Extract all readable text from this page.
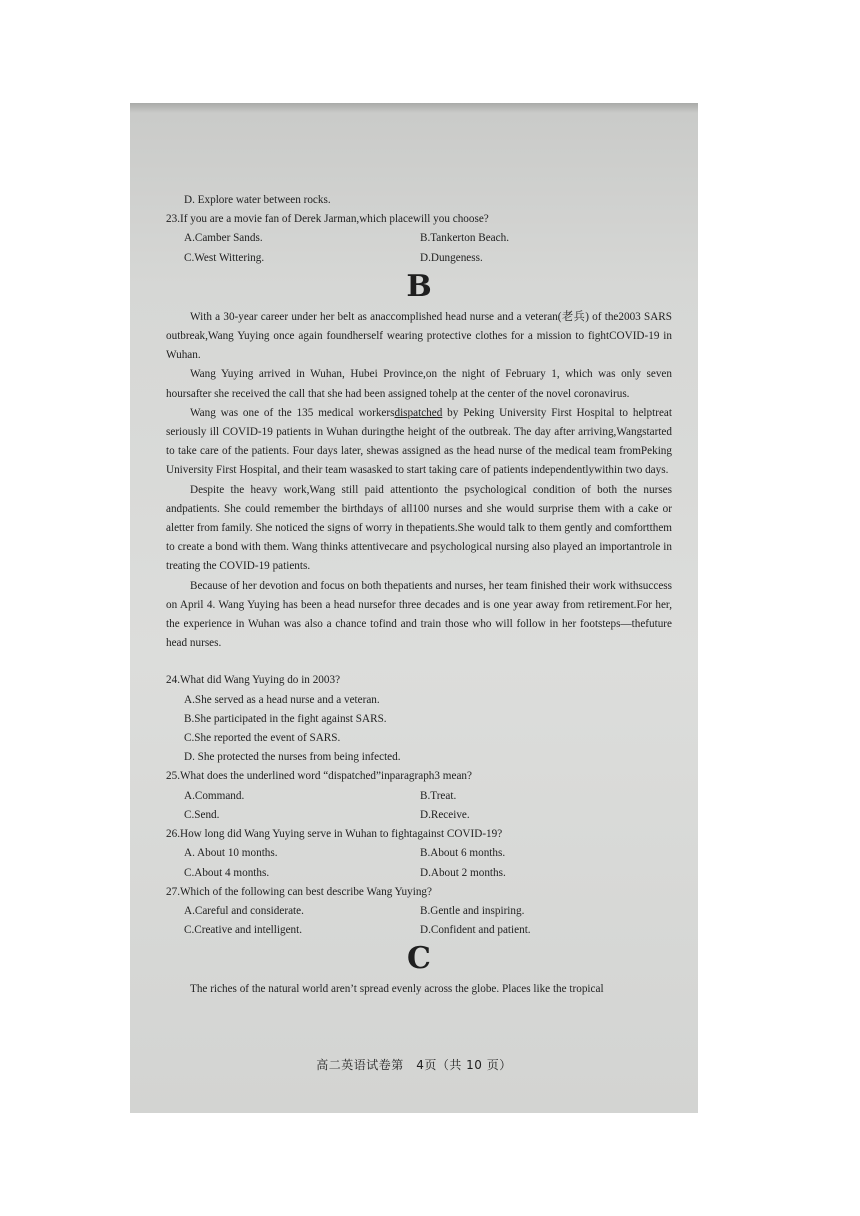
D. Explore water between rocks.
23.If you are a movie fan of Derek Jarman,which placewill you choose?
A.Camber Sands.	B.Tankerton Beach.
C.West Wittering.	D.Dungeness.
B

With a 30-year career under her belt as anaccomplished head nurse and a veteran(老兵) of the2003 SARS outbreak,Wang Yuying once again foundherself wearing protective clothes for a mission to fightCOVID-19 in Wuhan.

Wang Yuying arrived in Wuhan, Hubei Province,on the night of February 1, which was only seven hoursafter she received the call that she had been assigned tohelp at the center of the novel coronavirus.

Wang was one of the 135 medical workersdispatched by Peking University First Hospital to helptreat seriously ill COVID-19 patients in Wuhan duringthe height of the outbreak. The day after arriving,Wangstarted to take care of the patients. Four days later, shewas assigned as the head nurse of the medical team fromPeking University First Hospital, and their team wasasked to start taking care of patients independentlywithin two days.

Despite the heavy work,Wang still paid attentionto the psychological condition of both the nurses andpatients. She could remember the birthdays of all100 nurses and she would surprise them with a cake or aletter from family. She noticed the signs of worry in thepatients.She would talk to them gently and comfortthem to create a bond with them. Wang thinks attentivecare and psychological nursing also played an importantrole in treating the COVID-19 patients.

Because of her devotion and focus on both thepatients and nurses, her team finished their work withsuccess on April 4. Wang Yuying has been a head nursefor three decades and is one year away from retirement.For her, the experience in Wuhan was also a chance tofind and train those who will follow in her footsteps—thefuture head nurses.

24.What did Wang Yuying do in 2003?
A.She served as a head nurse and a veteran.
B.She participated in the fight against SARS.
C.She reported the event of SARS.
D. She protected the nurses from being infected.
25.What does the underlined word “dispatched”inparagraph3 mean?
A.Command.	B.Treat.
C.Send.	D.Receive.
26.How long did Wang Yuying serve in Wuhan to fightagainst COVID-19?
A. About 10 months.	B.About 6 months.
C.About 4 months.	D.About 2 months.
27.Which of the following can best describe Wang Yuying?
A.Careful and considerate.	B.Gentle and inspiring.
C.Creative and intelligent.	D.Confident and patient.
C

The riches of the natural world aren’t spread evenly across the globe. Places like the tropical

高二英语试卷第　4页（共 10 页）
